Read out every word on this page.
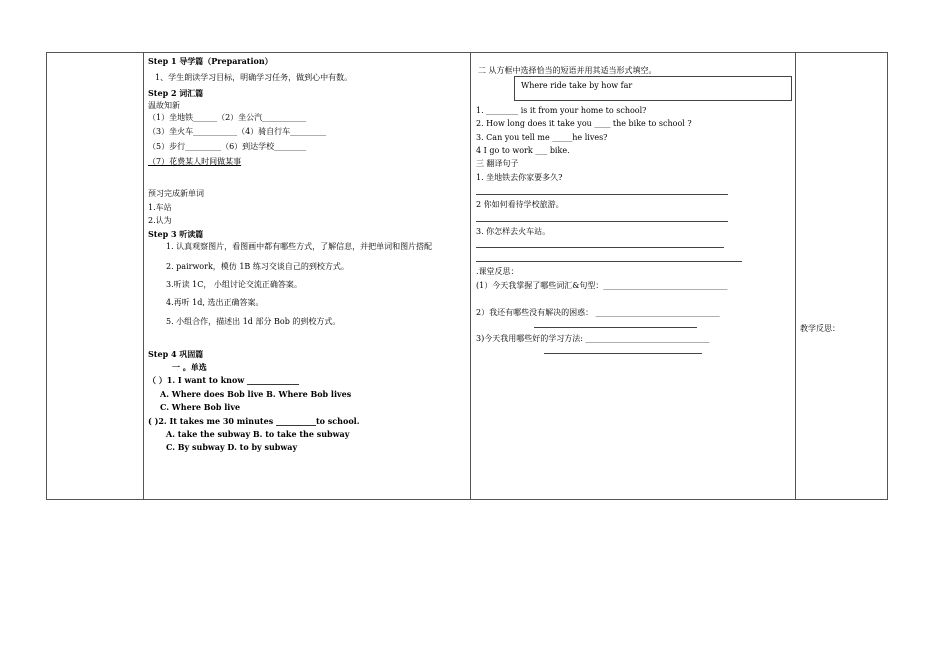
Step 1 导学篇（Preparation）
1、学生朗读学习目标，明确学习任务，做到心中有数。
Step 2 词汇篇
温故知新
（1）坐地铁______（2）坐公汽___________
（3）坐火车___________（4）骑自行车_________
（5）步行_________（6）到达学校________
（7）花费某人时间做某事
预习完成新单词
1.车站
2.认为
Step 3 听读篇
1. 认真观察图片，看图画中都有哪些方式，了解信息，并把单词和图片搭配
2. pairwork，模仿 1B 练习交谈自己的到校方式。
3.听读 1C， 小组讨论交流正确答案。
4.再听 1d, 选出正确答案。
5. 小组合作，描述出 1d 部分 Bob 的到校方式。
Step 4 巩固篇
一 。单选
（ ）1. I want to know _____________
A. Where does Bob live B. Where Bob lives
C. Where Bob live
( )2. It takes me 30 minutes __________to school.
A. take the subway B. to take the subway
C. By subway D. to by subway
二 从方框中选择恰当的短语并用其适当形式填空。
Where ride take by how far
1. ________ is it from your home to school?
2. How long does it take you ____ the bike to school ?
3. Can you tell me _____he lives?
4 I go to work ___ bike.
三 翻译句子
1. 坐地铁去你家要多久?
2 你如何看待学校旅游。
3. 你怎样去火车站。
.课堂反思：
(1）今天我掌握了哪些词汇&句型：_______________________________
2）我还有哪些没有解决的困惑： _______________________________
3)今天我用哪些好的学习方法: _______________________________
教学反思：
